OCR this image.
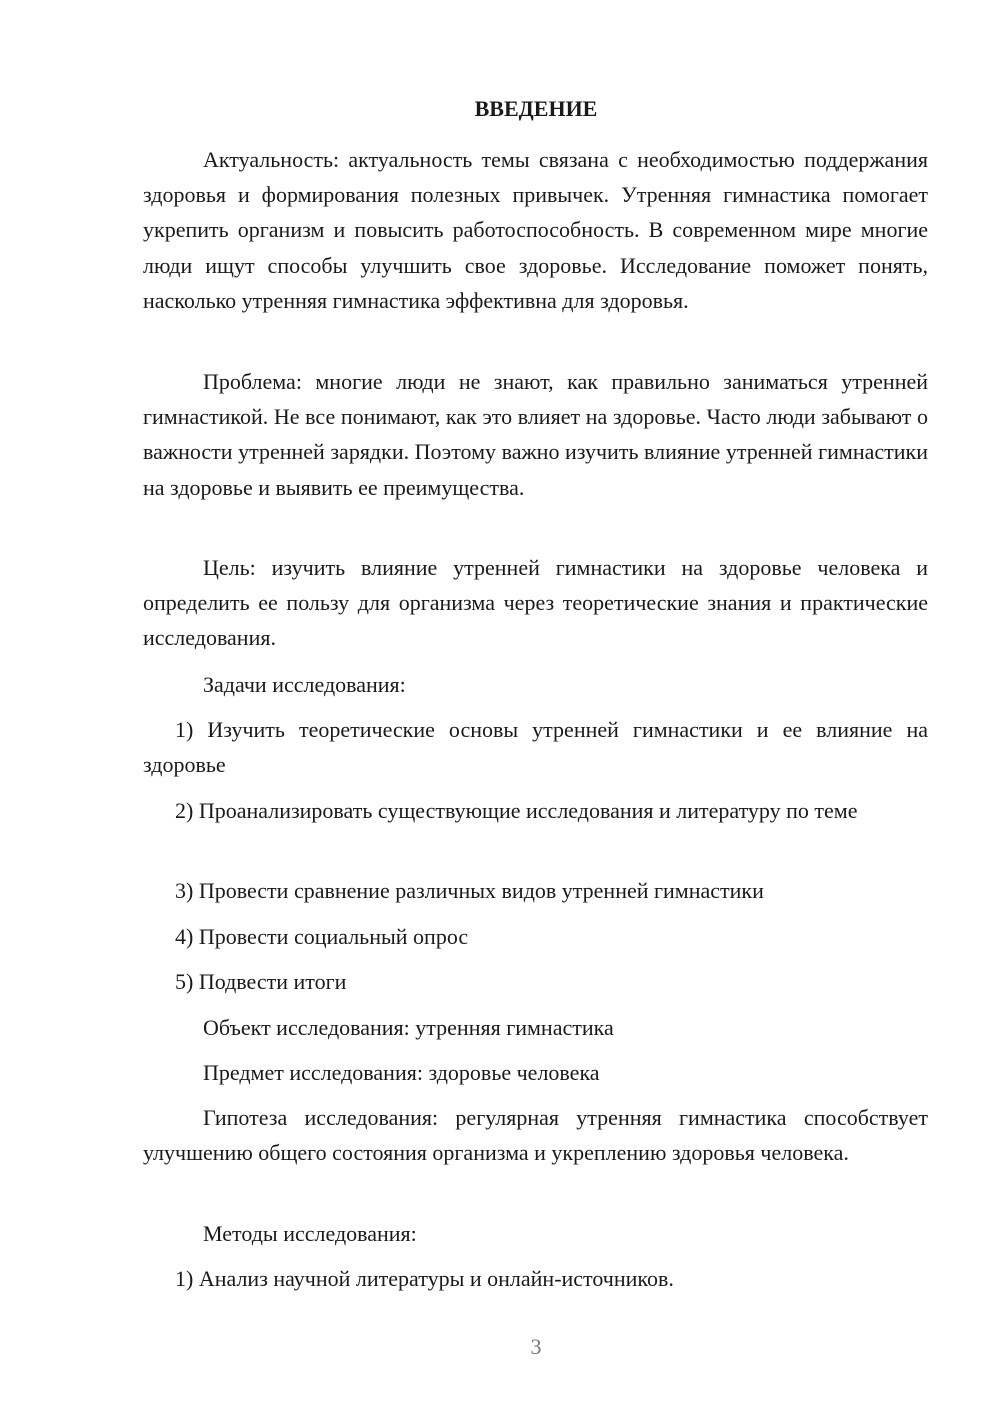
ВВЕДЕНИЕ

Актуальность: актуальность темы связана с необходимостью поддержания здоровья и формирования полезных привычек. Утренняя гимнастика помогает укрепить организм и повысить работоспособность. В современном мире многие люди ищут способы улучшить свое здоровье. Исследование поможет понять, насколько утренняя гимнастика эффективна для здоровья.

Проблема: многие люди не знают, как правильно заниматься утренней гимнастикой. Не все понимают, как это влияет на здоровье. Часто люди забывают о важности утренней зарядки. Поэтому важно изучить влияние утренней гимнастики на здоровье и выявить ее преимущества.

Цель: изучить влияние утренней гимнастики на здоровье человека и определить ее пользу для организма через теоретические знания и практические исследования.

Задачи исследования:

1) Изучить теоретические основы утренней гимнастики и ее влияние на здоровье

2) Проанализировать существующие исследования и литературу по теме

3) Провести сравнение различных видов утренней гимнастики

4) Провести социальный опрос

5) Подвести итоги

Объект исследования: утренняя гимнастика

Предмет исследования: здоровье человека

Гипотеза исследования: регулярная утренняя гимнастика способствует улучшению общего состояния организма и укреплению здоровья человека.

Методы исследования:

1) Анализ научной литературы и онлайн-источников.

3
